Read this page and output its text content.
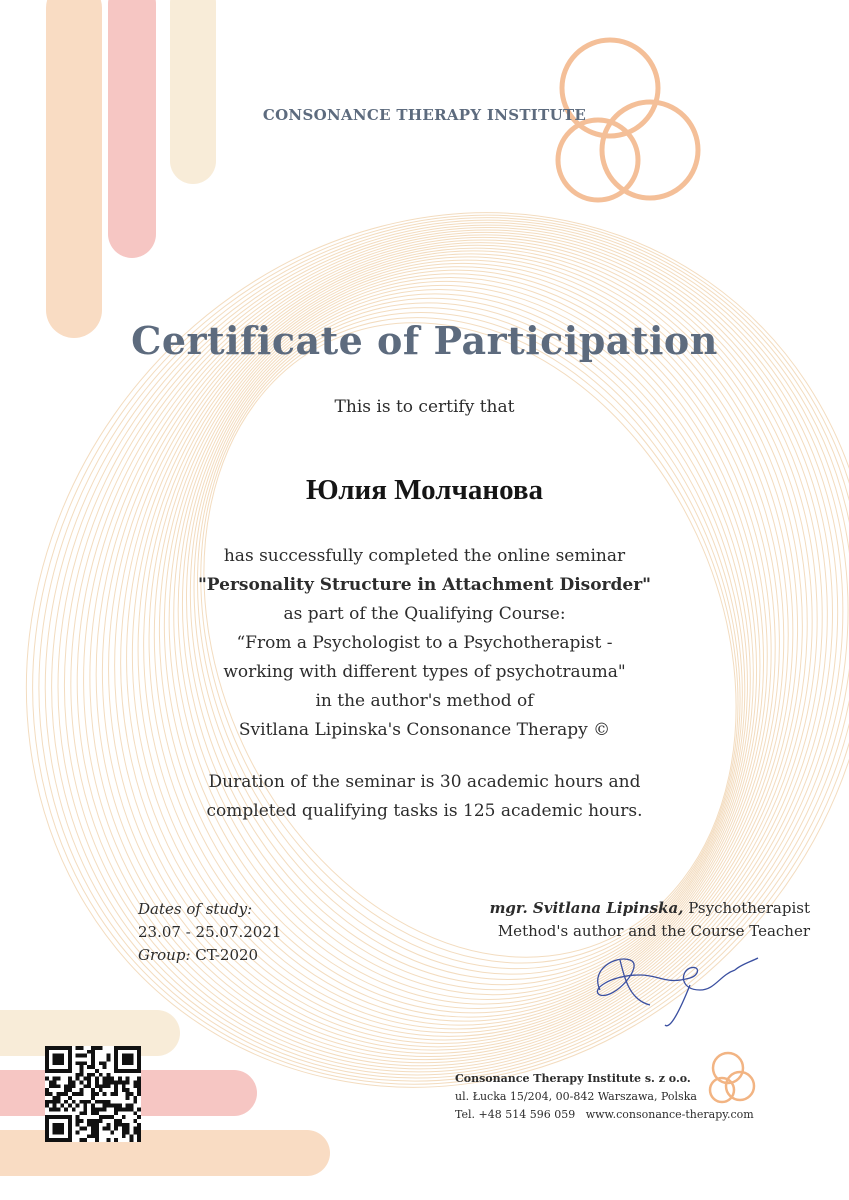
CONSONANCE THERAPY INSTITUTE
Certificate of Participation
This is to certify that
Юлия Молчанова
has successfully completed the online seminar
"Personality Structure in Attachment Disorder"
as part of the Qualifying Course:
“From a Psychologist to a Psychotherapist -
working with different types of psychotrauma"
in the author's method of
Svitlana Lipinska's Consonance Therapy ©
Duration of the seminar is 30 academic hours and
completed qualifying tasks is 125 academic hours.
Dates of study:
23.07 - 25.07.2021
Group: CT-2020
mgr. Svitlana Lipinska, Psychotherapist
Method's author and the Course Teacher
Consonance Therapy Institute s. z o.o.
ul. Łucka 15/204, 00-842 Warszawa, Polska
Tel. +48 514 596 059 www.consonance-therapy.com
